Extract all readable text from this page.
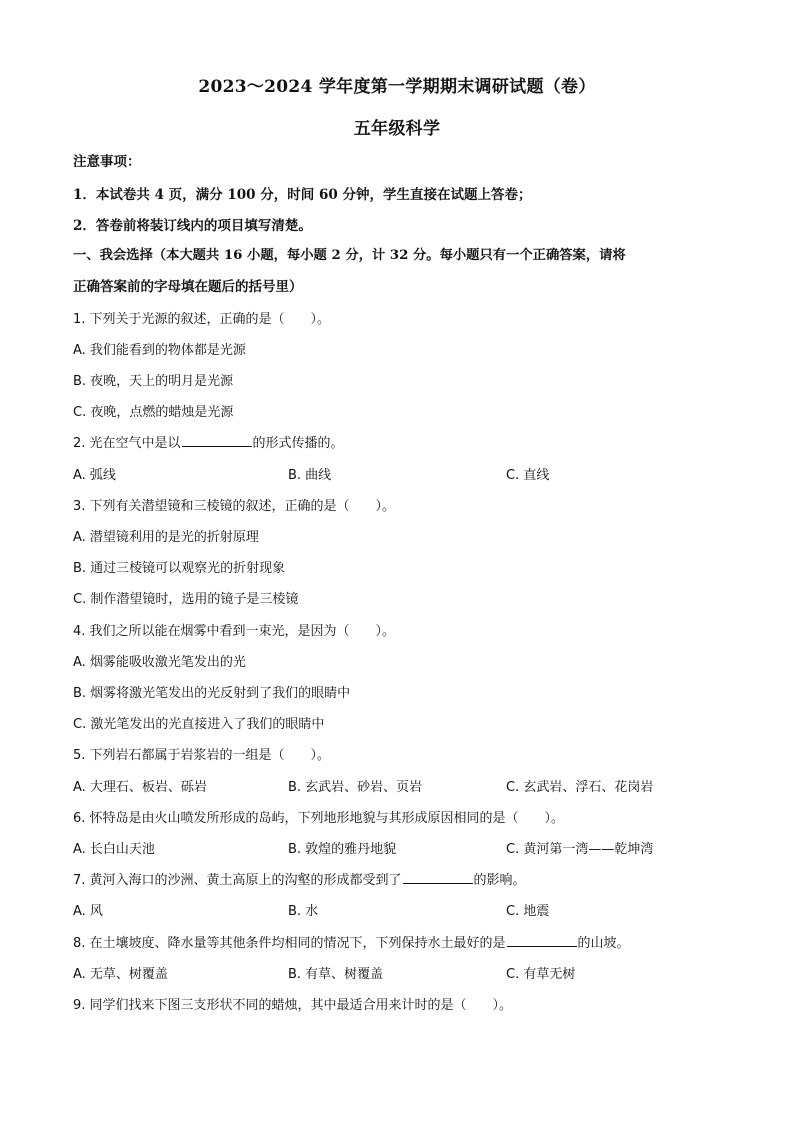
2023～2024 学年度第一学期期末调研试题（卷）
五年级科学
注意事项：
1．本试卷共 4 页，满分 100 分，时间 60 分钟，学生直接在试题上答卷；
2．答卷前将装订线内的项目填写清楚。
一、我会选择（本大题共 16 小题，每小题 2 分，计 32 分。每小题只有一个正确答案，请将
正确答案前的字母填在题后的括号里）
1. 下列关于光源的叙述，正确的是（　　）。
A. 我们能看到的物体都是光源
B. 夜晚，天上的明月是光源
C. 夜晚，点燃的蜡烛是光源
2. 光在空气中是以	的形式传播的。
A. 弧线	B. 曲线	C. 直线
3. 下列有关潜望镜和三棱镜的叙述，正确的是（　　）。
A. 潜望镜利用的是光的折射原理
B. 通过三棱镜可以观察光的折射现象
C. 制作潜望镜时，选用的镜子是三棱镜
4. 我们之所以能在烟雾中看到一束光，是因为（　　）。
A. 烟雾能吸收激光笔发出的光
B. 烟雾将激光笔发出的光反射到了我们的眼睛中
C. 激光笔发出的光直接进入了我们的眼睛中
5. 下列岩石都属于岩浆岩的一组是（　　）。
A. 大理石、板岩、砾岩	B. 玄武岩、砂岩、页岩	C. 玄武岩、浮石、花岗岩
6. 怀特岛是由火山喷发所形成的岛屿，下列地形地貌与其形成原因相同的是（　　）。
A. 长白山天池	B. 敦煌的雅丹地貌	C. 黄河第一湾——乾坤湾
7. 黄河入海口的沙洲、黄土高原上的沟壑的形成都受到了	的影响。
A. 风	B. 水	C. 地震
8. 在土壤坡度、降水量等其他条件均相同的情况下，下列保持水土最好的是	的山坡。
A. 无草、树覆盖	B. 有草、树覆盖	C. 有草无树
9. 同学们找来下图三支形状不同的蜡烛，其中最适合用来计时的是（　　）。
